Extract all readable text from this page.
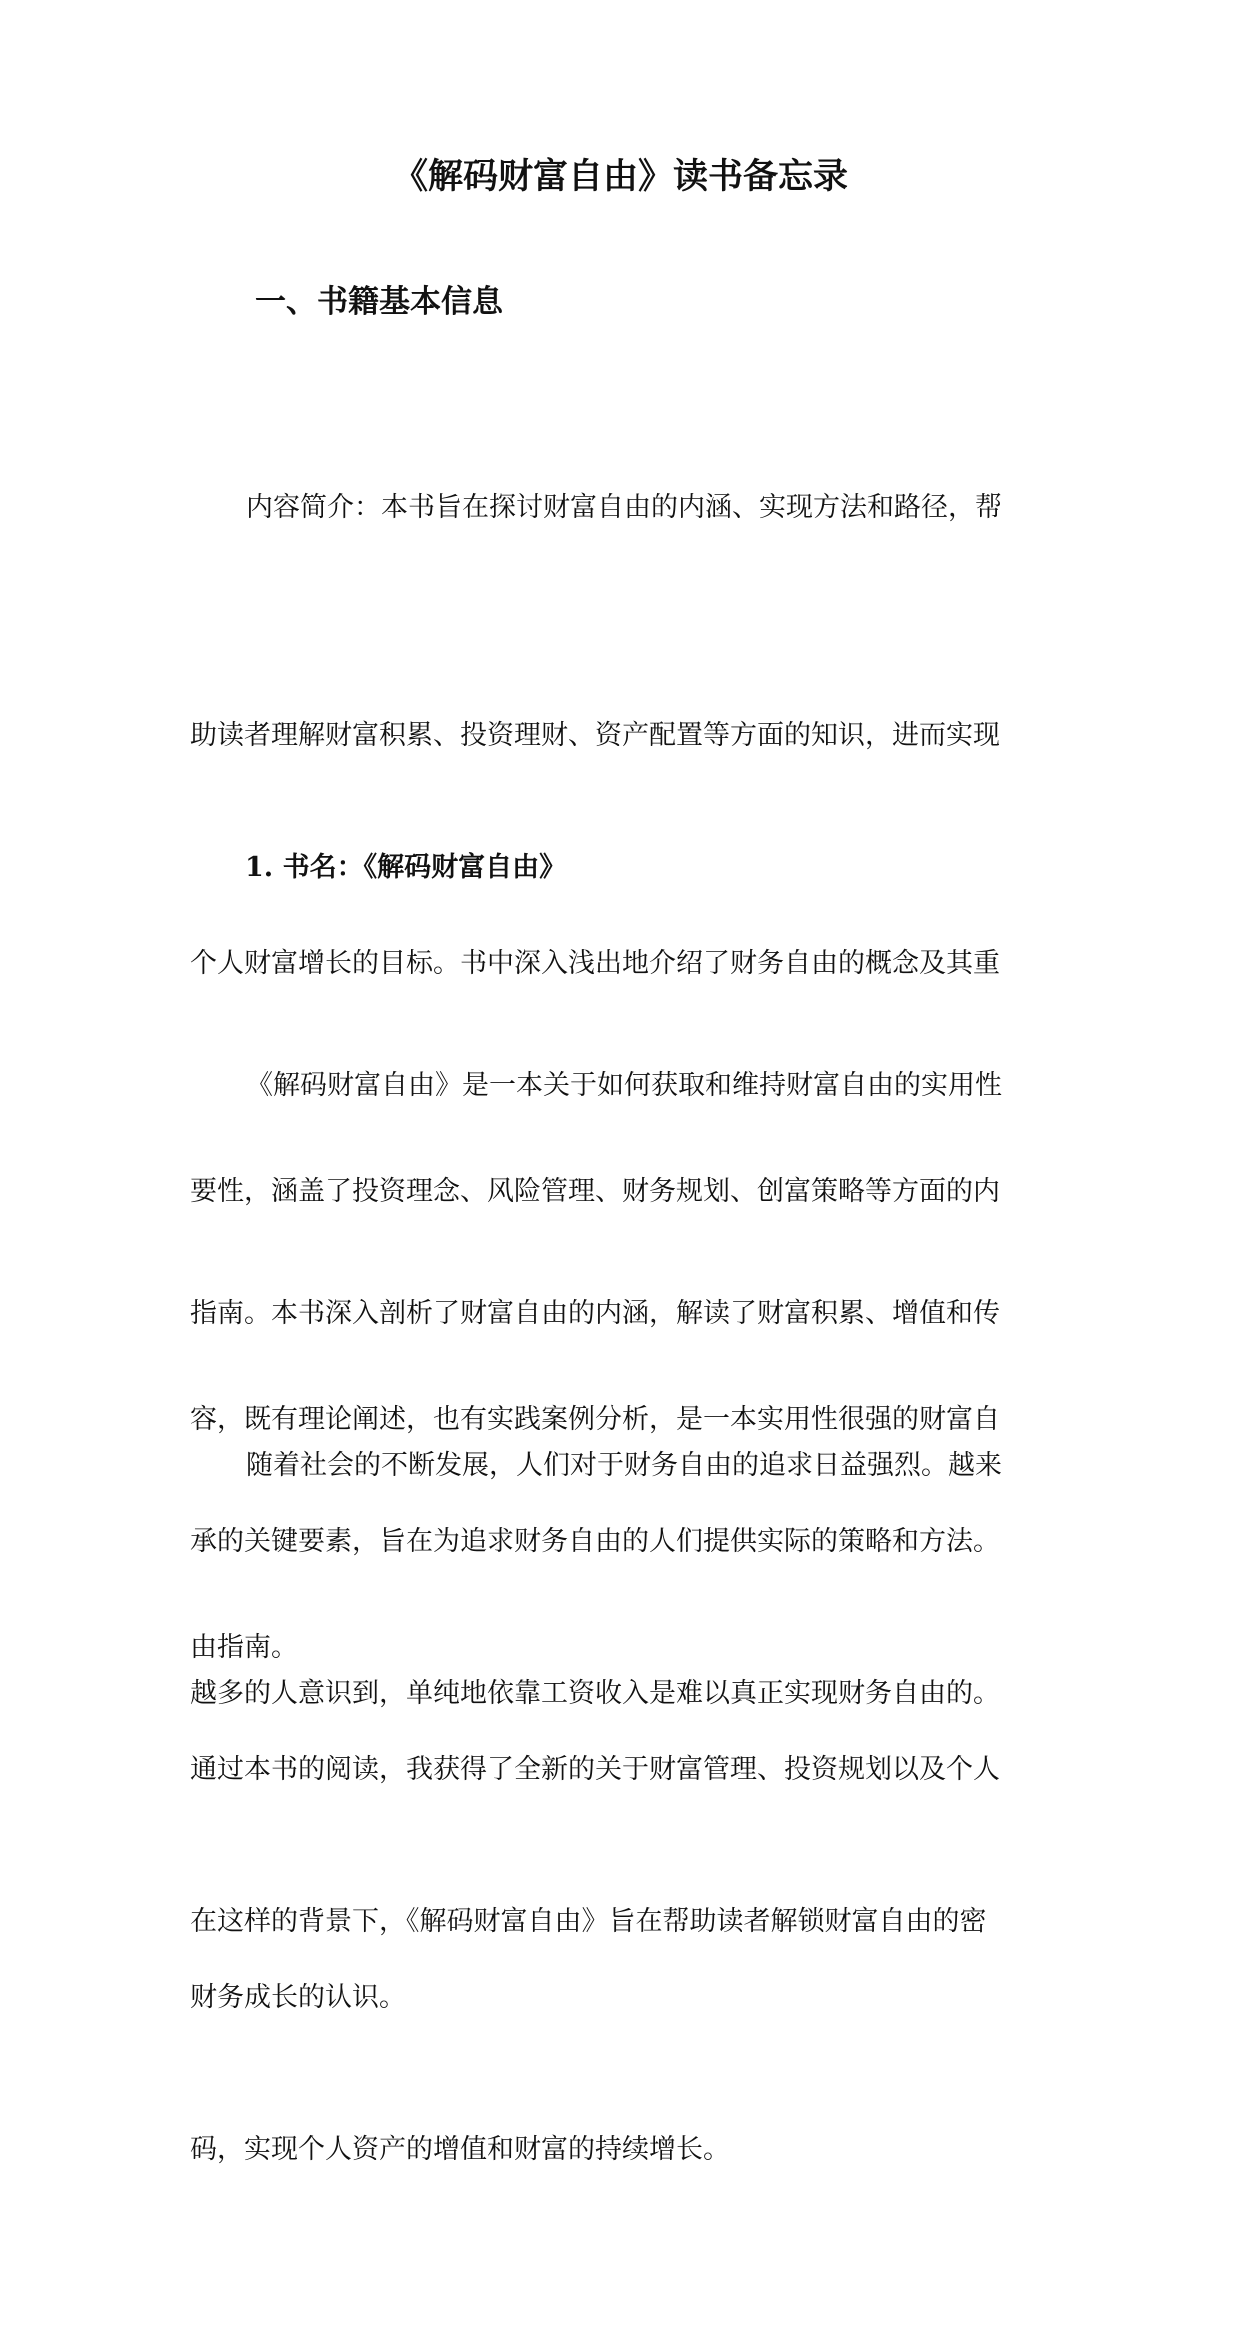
《解码财富自由》读书备忘录
一、书籍基本信息

内容简介：本书旨在探讨财富自由的内涵、实现方法和路径，帮

助读者理解财富积累、投资理财、资产配置等方面的知识，进而实现

个人财富增长的目标。书中深入浅出地介绍了财务自由的概念及其重

要性，涵盖了投资理念、风险管理、财务规划、创富策略等方面的内

容，既有理论阐述，也有实践案例分析，是一本实用性很强的财富自

由指南。

1. 书名：《解码财富自由》

《解码财富自由》是一本关于如何获取和维持财富自由的实用性

指南。本书深入剖析了财富自由的内涵，解读了财富积累、增值和传

承的关键要素，旨在为追求财务自由的人们提供实际的策略和方法。

通过本书的阅读，我获得了全新的关于财富管理、投资规划以及个人

财务成长的认识。

随着社会的不断发展，人们对于财务自由的追求日益强烈。越来

越多的人意识到，单纯地依靠工资收入是难以真正实现财务自由的。

在这样的背景下，《解码财富自由》旨在帮助读者解锁财富自由的密

码，实现个人资产的增值和财富的持续增长。
